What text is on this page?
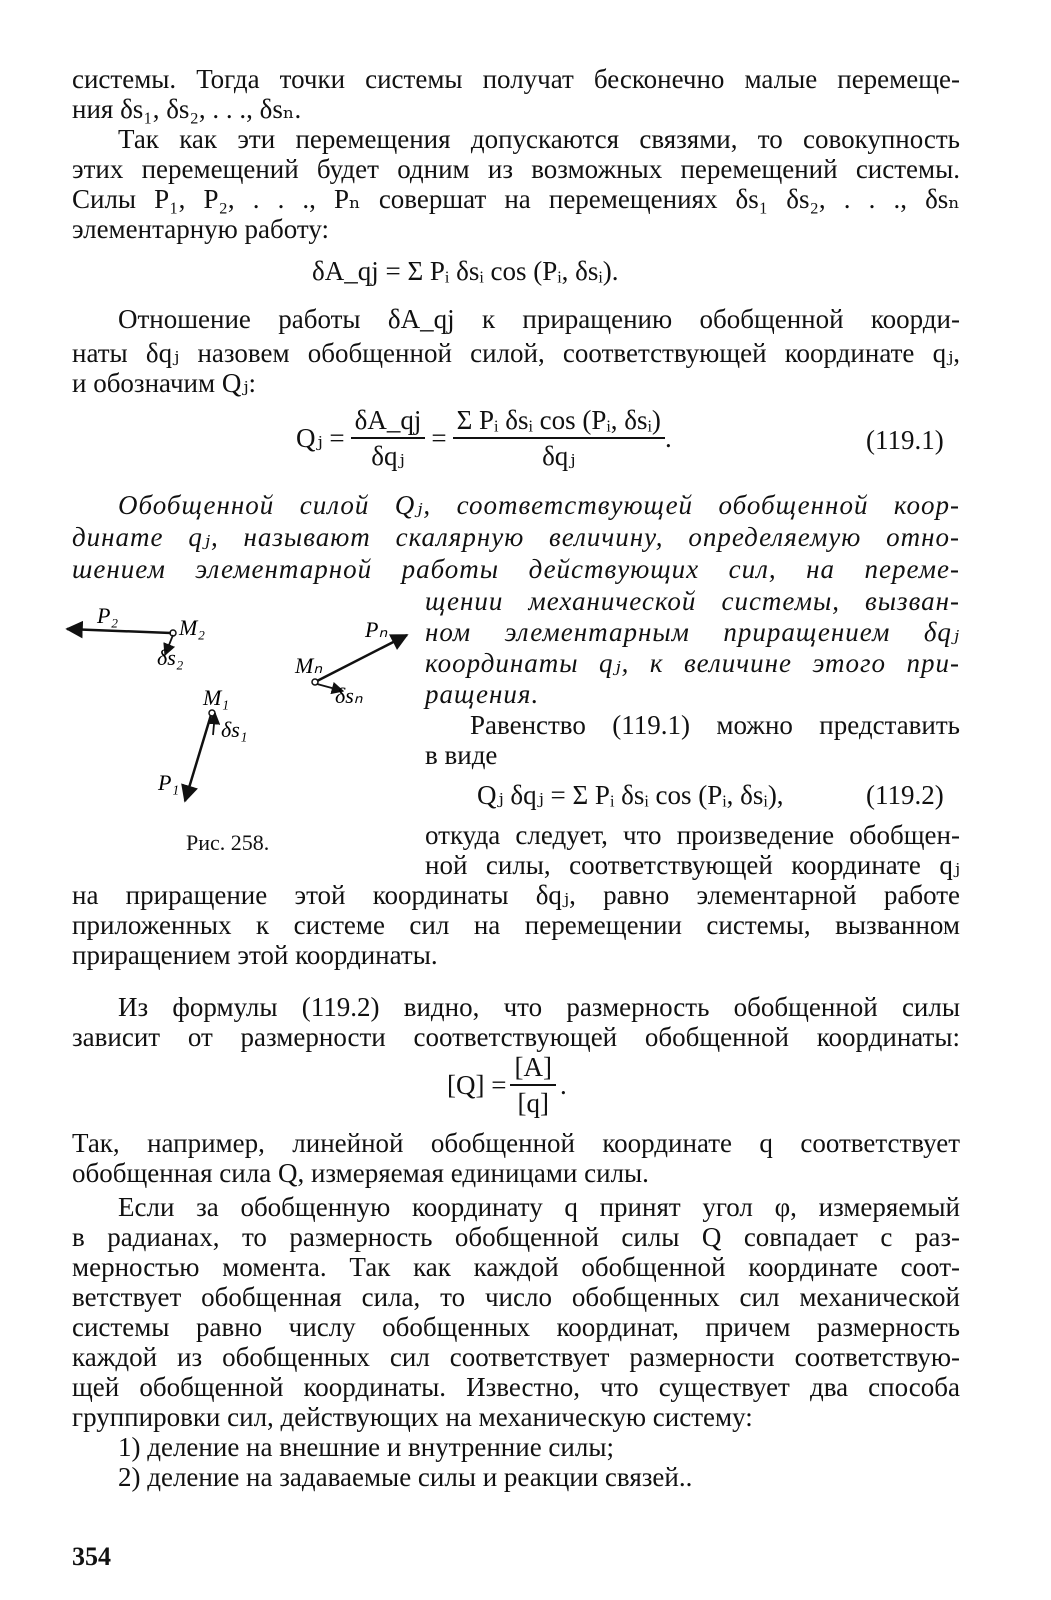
системы. Тогда точки системы получат бесконечно малые перемеще-
ния δs₁, δs₂, . . ., δsₙ.
Так как эти перемещения допускаются связями, то совокупность
этих перемещений будет одним из возможных перемещений системы.
Силы P₁, P₂, . . ., Pₙ совершат на перемещениях δs₁ δs₂, . . ., δsₙ
элементарную работу:
δA_qj = Σ Pᵢ δsᵢ cos (Pᵢ, δsᵢ).
Отношение работы δA_qj к приращению обобщенной коорди-
наты δqⱼ назовем обобщенной силой, соответствующей координате qⱼ,
и обозначим Qⱼ:
Qⱼ = $\frac{\delta A\_qj}{\text{δqⱼ}} = \frac{\text{Σ Pᵢ δsᵢ cos (Pᵢ, δsᵢ)}}{\text{δqⱼ}}$ .	(119.1)
Обобщенной силой Qⱼ, соответствующей обобщенной коор-
динате qⱼ, называют скалярную величину, определяемую отно-
шением элементарной работы действующих сил, на переме-
щении механической системы, вызван-
ном элементарным приращением δqⱼ
координаты qⱼ, к величине этого при-
ращения.
Равенство (119.1) можно представить
в виде
Qⱼ δqⱼ = Σ Pᵢ δsᵢ cos (Pᵢ, δsᵢ),	(119.2)
откуда следует, что произведение обобщен-
ной силы, соответствующей координате qⱼ
P₂	M₂
δs₂
Pₙ
Mₙ
δsₙ
M₁
δs₁
P₁
Рис. 258.
на приращение этой координаты δqⱼ, равно элементарной работе
приложенных к системе сил на перемещении системы, вызванном
приращением этой координаты.
Из формулы (119.2) видно, что размерность обобщенной силы
зависит от размерности соответствующей обобщенной координаты:
$[Q] = \frac{[A]}{[q]}$ .
Так, например, линейной обобщенной координате q соответствует
обобщенная сила Q, измеряемая единицами силы.
Если за обобщенную координату q принят угол φ, измеряемый
в радианах, то размерность обобщенной силы Q совпадает с раз-
мерностью момента. Так как каждой обобщенной координате соот-
ветствует обобщенная сила, то число обобщенных сил механической
системы равно числу обобщенных координат, причем размерность
каждой из обобщенных сил соответствует размерности соответствую-
щей обобщенной координаты. Известно, что существует два способа
группировки сил, действующих на механическую систему:
1) деление на внешние и внутренние силы;
2) деление на задаваемые силы и реакции связей..
354
